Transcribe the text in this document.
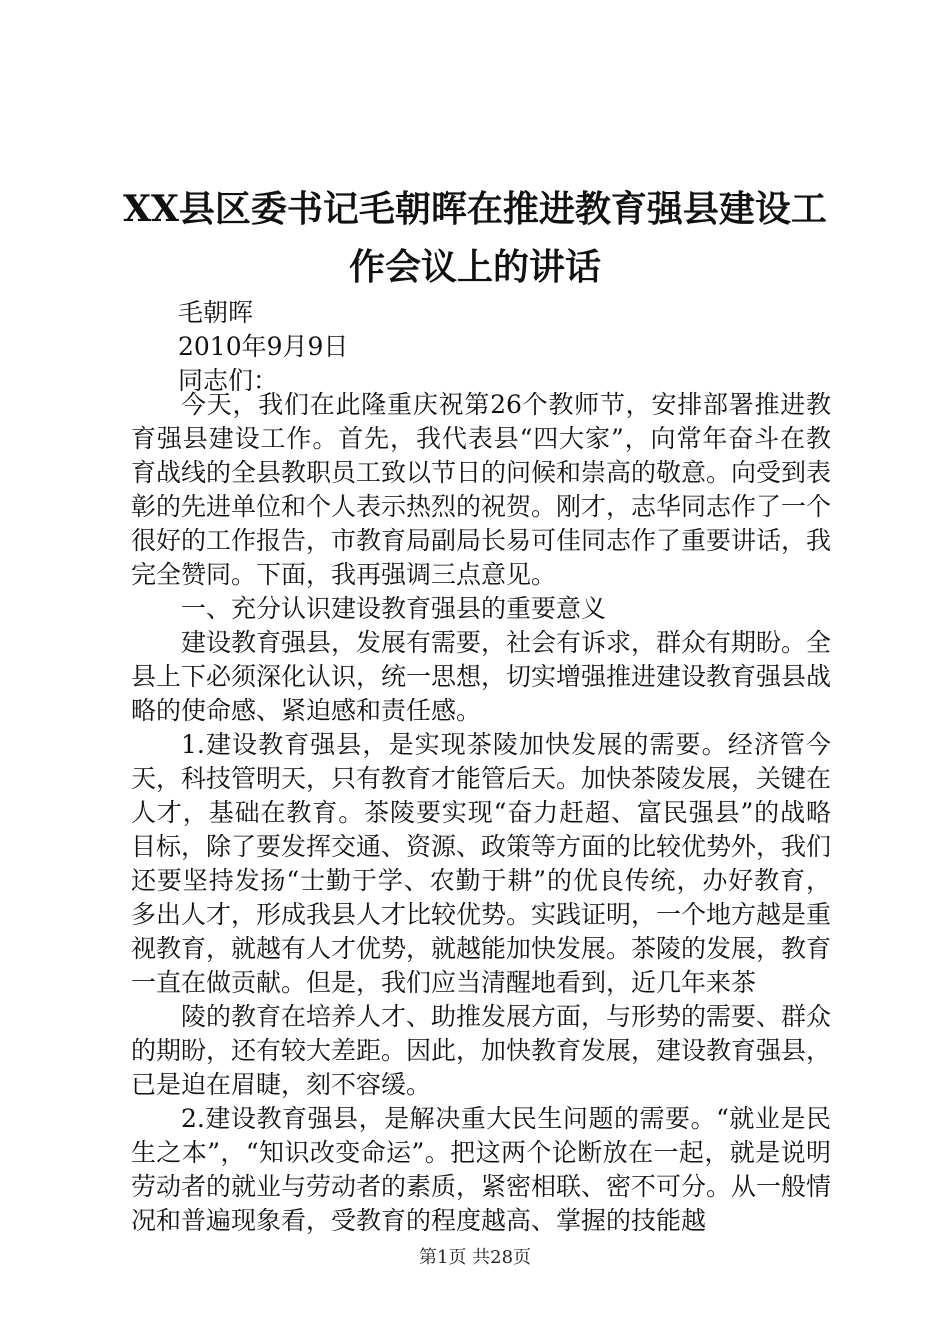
XX县区委书记毛朝晖在推进教育强县建设工
作会议上的讲话
毛朝晖
2010年9月9日
同志们：

今天，我们在此隆重庆祝第26个教师节，安排部署推进教育强县建设工作。首先，我代表县“四大家”，向常年奋斗在教育战线的全县教职员工致以节日的问候和崇高的敬意。向受到表彰的先进单位和个人表示热烈的祝贺。刚才，志华同志作了一个很好的工作报告，市教育局副局长易可佳同志作了重要讲话，我完全赞同。下面，我再强调三点意见。

一、充分认识建设教育强县的重要意义

建设教育强县，发展有需要，社会有诉求，群众有期盼。全县上下必须深化认识，统一思想，切实增强推进建设教育强县战略的使命感、紧迫感和责任感。

1.建设教育强县，是实现茶陵加快发展的需要。经济管今天，科技管明天，只有教育才能管后天。加快茶陵发展，关键在人才，基础在教育。茶陵要实现“奋力赶超、富民强县”的战略目标，除了要发挥交通、资源、政策等方面的比较优势外，我们还要坚持发扬“士勤于学、农勤于耕”的优良传统，办好教育，多出人才，形成我县人才比较优势。实践证明，一个地方越是重视教育，就越有人才优势，就越能加快发展。茶陵的发展，教育一直在做贡献。但是，我们应当清醒地看到，近几年来茶

陵的教育在培养人才、助推发展方面，与形势的需要、群众的期盼，还有较大差距。因此，加快教育发展，建设教育强县，已是迫在眉睫，刻不容缓。

2.建设教育强县，是解决重大民生问题的需要。“就业是民生之本”，“知识改变命运”。把这两个论断放在一起，就是说明劳动者的就业与劳动者的素质，紧密相联、密不可分。从一般情况和普遍现象看，受教育的程度越高、掌握的技能越

第1页 共28页
